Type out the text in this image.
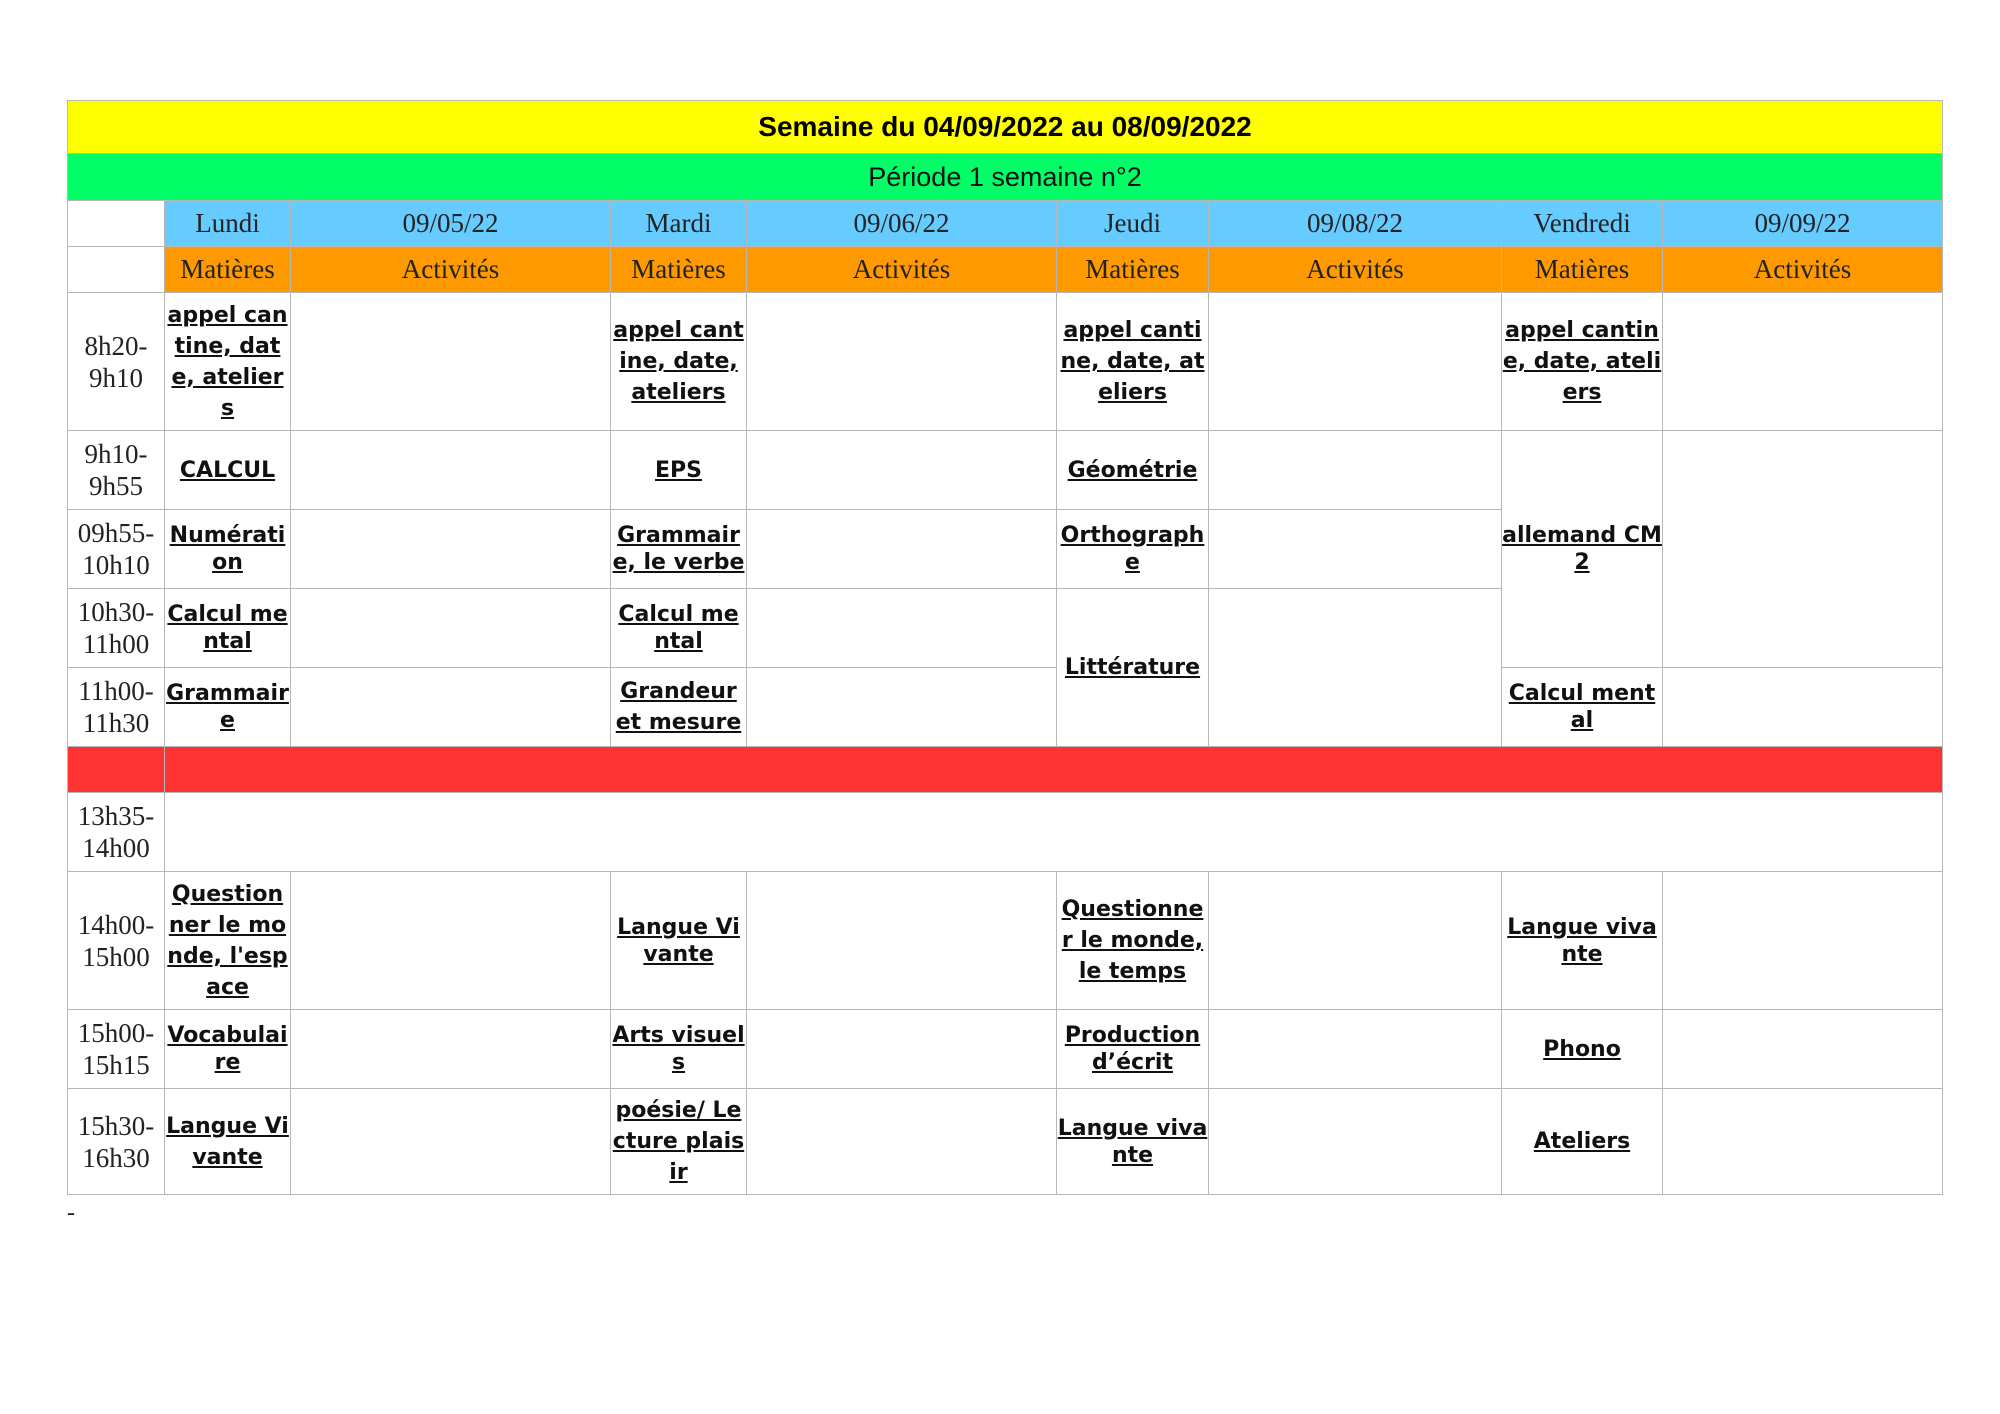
Semaine du 04/09/2022 au 08/09/2022								
Période 1 semaine n°2								
	Lundi	09/05/22	Mardi	09/06/22	Jeudi	09/08/22	Vendredi	09/09/22
	Matières	Activités	Matières	Activités	Matières	Activités	Matières	Activités
8h20-9h10	appel cantine, date, ateliers		appel cantine, date, ateliers		appel cantine, date, ateliers		appel cantine, date, ateliers	
9h10-9h55	CALCUL		EPS		Géométrie		allemand CM2	
09h55-10h10	Numération		Grammaire, le verbe		Orthographe			
10h30-11h00	Calcul mental		Calcul mental		Littérature			
11h00-11h30	Grammaire		Grandeur et mesure				Calcul mental	

13h35-14h00								
14h00-15h00	Questionner le monde, l'espace		Langue Vivante		Questionner le monde, le temps		Langue vivante	
15h00-15h15	Vocabulaire		Arts visuels		Production d’écrit		Phono	
15h30-16h30	Langue Vivante		poésie/ Lecture plaisir		Langue vivante		Ateliers	
-
